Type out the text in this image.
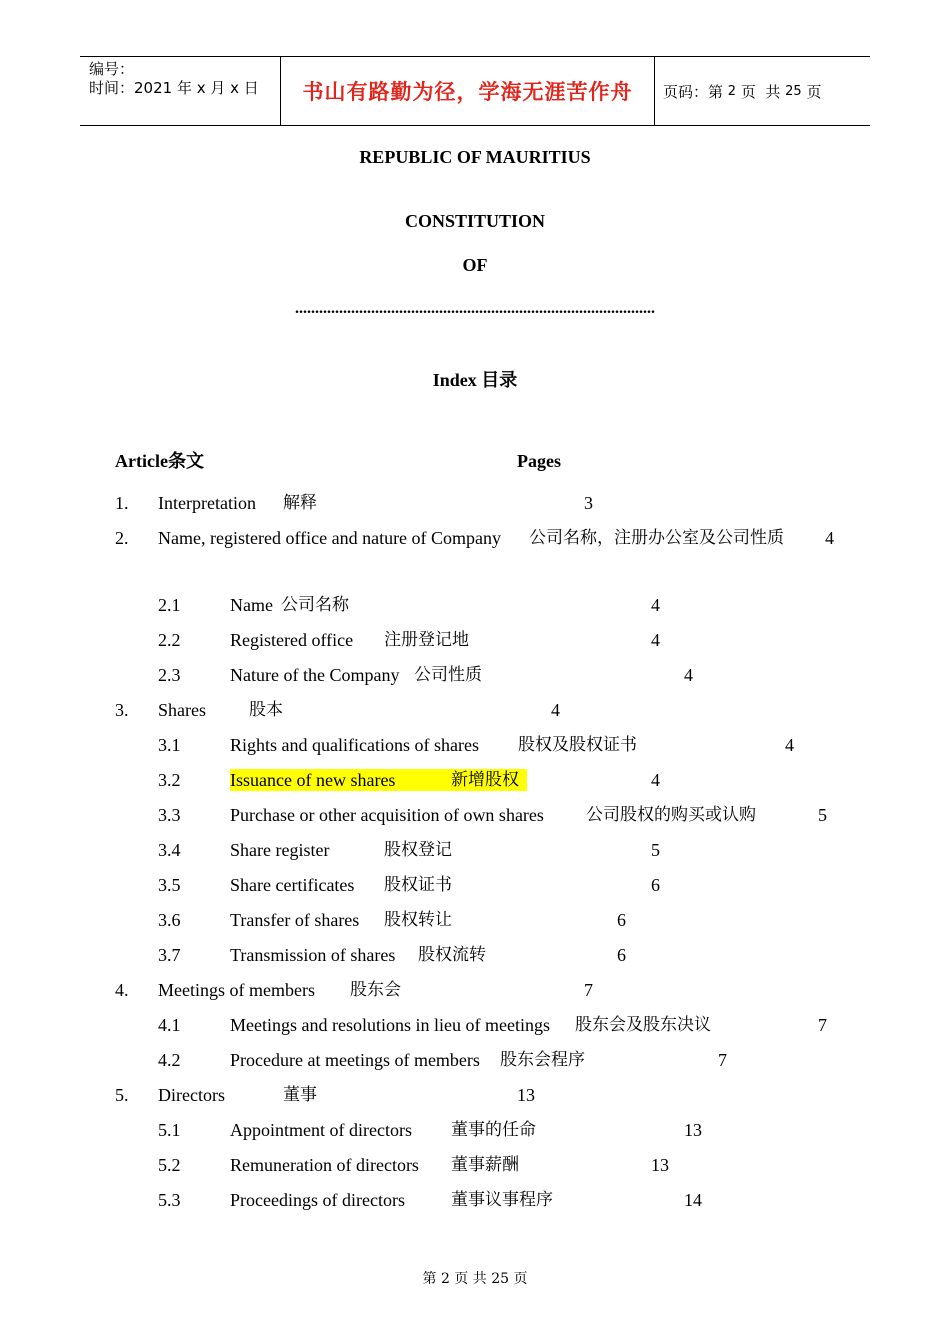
编号：
时间：2021 年 x 月 x 日	书山有路勤为径，学海无涯苦作舟	页码：第 2 页  共 25 页
REPUBLIC OF MAURITIUS
CONSTITUTION
OF
..........................................................................................
Index 目录
Article条文	Pages
1. Interpretation 解释	3
2. Name, registered office and nature of Company 公司名称，注册办公室及公司性质 4
2.1	Name 公司名称	4
2.2	Registered office 注册登记地	4
2.3	Nature of the Company 公司性质	4
3. Shares	股本	4
3.1	Rights and qualifications of shares 股权及股权证书	4
3.2	Issuance of new shares	新增股权	4
3.3	Purchase or other acquisition of own shares 公司股权的购买或认购	5
3.4	Share register	股权登记	5
3.5	Share certificates 股权证书	6
3.6	Transfer of shares 股权转让	6
3.7	Transmission of shares 股权流转	6
4. Meetings of members 股东会	7
4.1	Meetings and resolutions in lieu of meetings 股东会及股东决议	7
4.2	Procedure at meetings of members 股东会程序	7
5. Directors	董事	13
5.1	Appointment of directors 董事的任命	13
5.2	Remuneration of directors 董事薪酬	13
5.3	Proceedings of directors	董事议事程序	14
第 2 页 共 25 页
